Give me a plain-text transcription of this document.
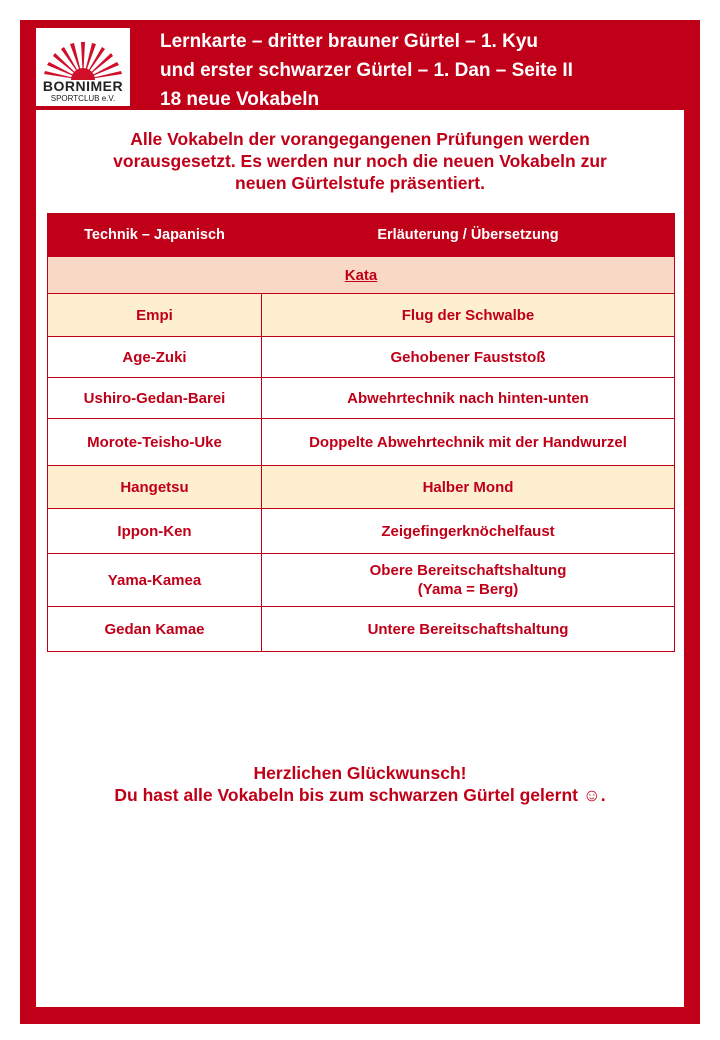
BORNIMER
SPORTCLUB e.V.
Lernkarte – dritter brauner Gürtel – 1. Kyu
und erster schwarzer Gürtel – 1. Dan – Seite II
18 neue Vokabeln
Alle Vokabeln der vorangegangenen Prüfungen werden
vorausgesetzt. Es werden nur noch die neuen Vokabeln zur
neuen Gürtelstufe präsentiert.
Technik – Japanisch	Erläuterung / Übersetzung
Kata	
Empi	Flug der Schwalbe
Age-Zuki	Gehobener Fauststoß
Ushiro-Gedan-Barei	Abwehrtechnik nach hinten-unten
Morote-Teisho-Uke	Doppelte Abwehrtechnik mit der Handwurzel
Hangetsu	Halber Mond
Ippon-Ken	Zeigefingerknöchelfaust
Yama-Kamea	Obere Bereitschaftshaltung
(Yama = Berg)

Gedan Kamae	Untere Bereitschaftshaltung
Herzlichen Glückwunsch!
Du hast alle Vokabeln bis zum schwarzen Gürtel gelernt ☺.
